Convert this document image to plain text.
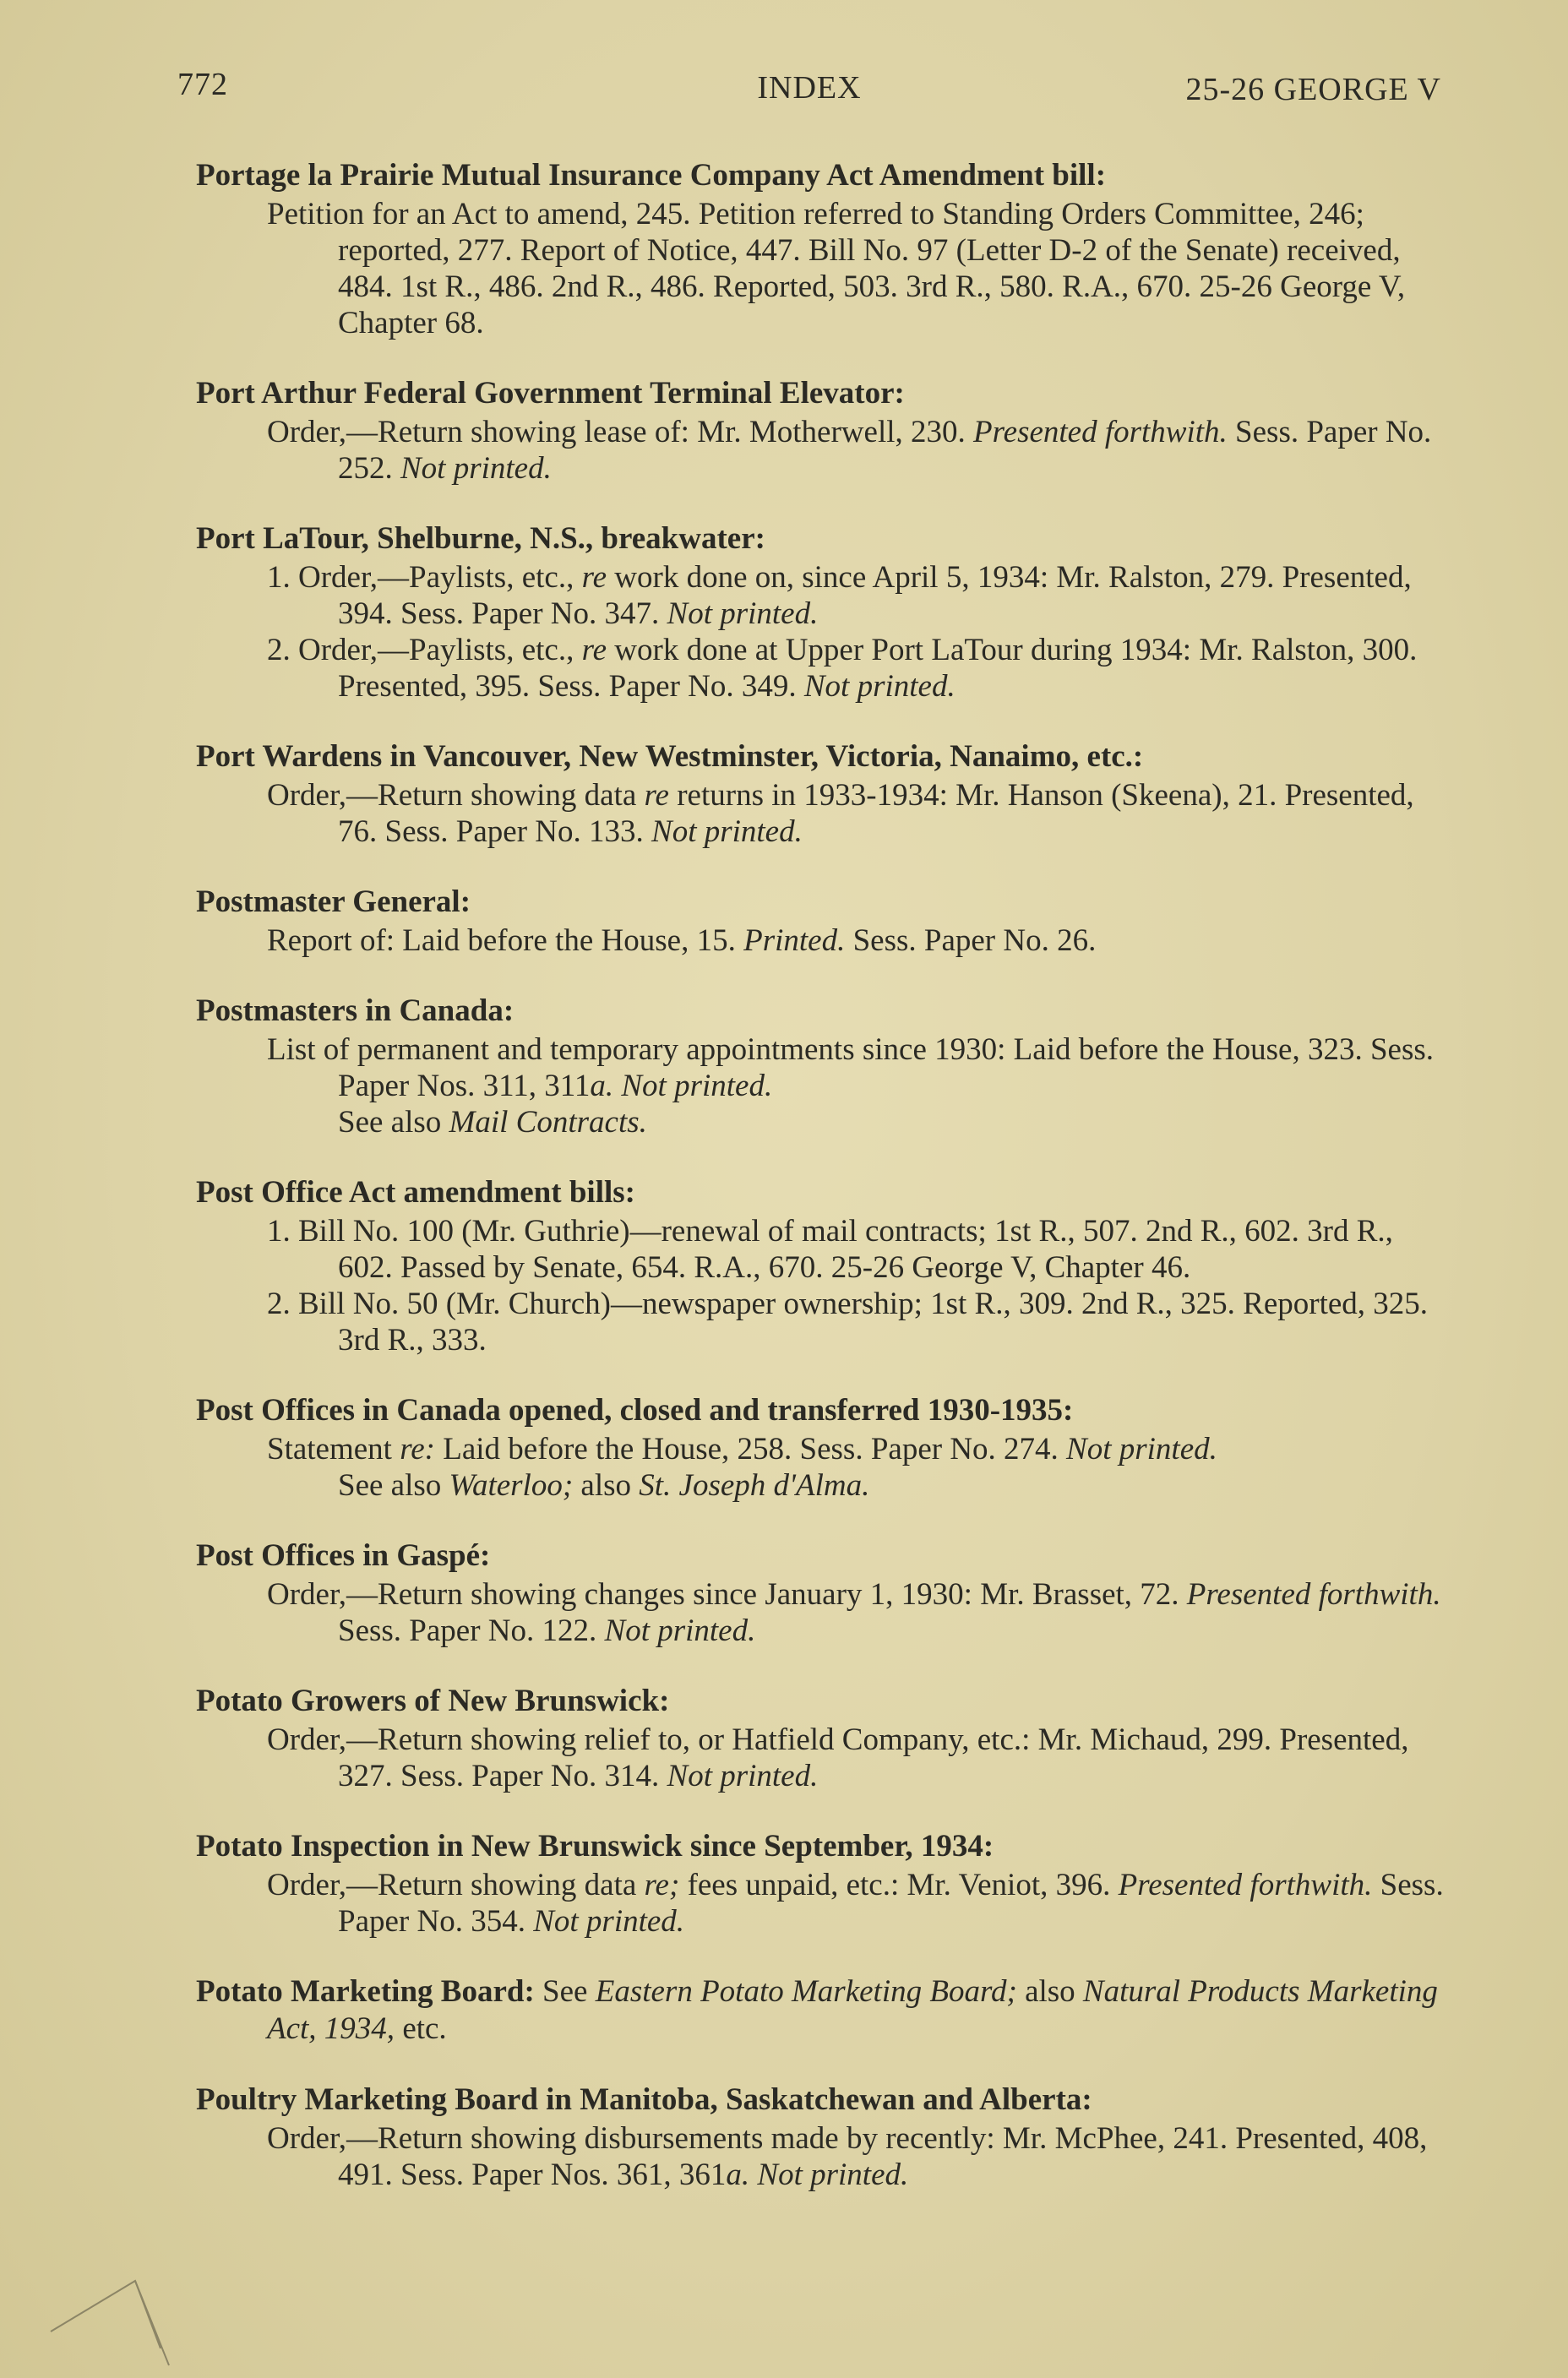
772	INDEX	25-26 GEORGE V
Portage la Prairie Mutual Insurance Company Act Amendment bill:
Petition for an Act to amend, 245. Petition referred to Standing Orders Committee, 246; reported, 277. Report of Notice, 447. Bill No. 97 (Letter D-2 of the Senate) received, 484. 1st R., 486. 2nd R., 486. Reported, 503. 3rd R., 580. R.A., 670. 25-26 George V, Chapter 68.
Port Arthur Federal Government Terminal Elevator:
Order,—Return showing lease of: Mr. Motherwell, 230. Presented forthwith. Sess. Paper No. 252. Not printed.
Port LaTour, Shelburne, N.S., breakwater:
1. Order,—Paylists, etc., re work done on, since April 5, 1934: Mr. Ralston, 279. Presented, 394. Sess. Paper No. 347. Not printed.
2. Order,—Paylists, etc., re work done at Upper Port LaTour during 1934: Mr. Ralston, 300. Presented, 395. Sess. Paper No. 349. Not printed.
Port Wardens in Vancouver, New Westminster, Victoria, Nanaimo, etc.:
Order,—Return showing data re returns in 1933-1934: Mr. Hanson (Skeena), 21. Presented, 76. Sess. Paper No. 133. Not printed.
Postmaster General:
Report of: Laid before the House, 15. Printed. Sess. Paper No. 26.
Postmasters in Canada:
List of permanent and temporary appointments since 1930: Laid before the House, 323. Sess. Paper Nos. 311, 311a. Not printed.
See also Mail Contracts.
Post Office Act amendment bills:
1. Bill No. 100 (Mr. Guthrie)—renewal of mail contracts; 1st R., 507. 2nd R., 602. 3rd R., 602. Passed by Senate, 654. R.A., 670. 25-26 George V, Chapter 46.
2. Bill No. 50 (Mr. Church)—newspaper ownership; 1st R., 309. 2nd R., 325. Reported, 325. 3rd R., 333.
Post Offices in Canada opened, closed and transferred 1930-1935:
Statement re: Laid before the House, 258. Sess. Paper No. 274. Not printed.
See also Waterloo; also St. Joseph d'Alma.
Post Offices in Gaspé:
Order,—Return showing changes since January 1, 1930: Mr. Brasset, 72. Presented forthwith. Sess. Paper No. 122. Not printed.
Potato Growers of New Brunswick:
Order,—Return showing relief to, or Hatfield Company, etc.: Mr. Michaud, 299. Presented, 327. Sess. Paper No. 314. Not printed.
Potato Inspection in New Brunswick since September, 1934:
Order,—Return showing data re; fees unpaid, etc.: Mr. Veniot, 396. Presented forthwith. Sess. Paper No. 354. Not printed.
Potato Marketing Board: See Eastern Potato Marketing Board; also Natural Products Marketing Act, 1934, etc.
Poultry Marketing Board in Manitoba, Saskatchewan and Alberta:
Order,—Return showing disbursements made by recently: Mr. McPhee, 241. Presented, 408, 491. Sess. Paper Nos. 361, 361a. Not printed.
